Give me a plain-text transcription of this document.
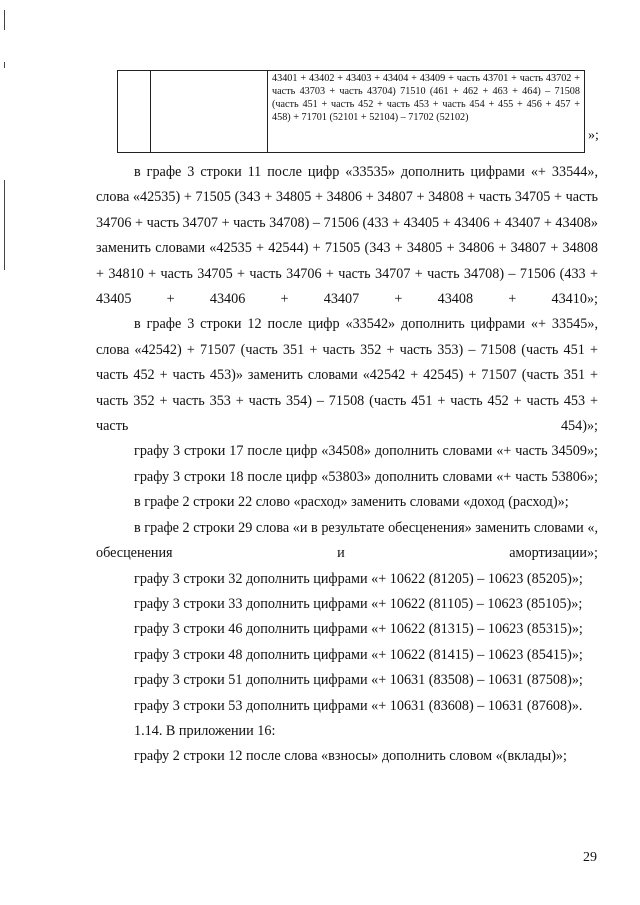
		43401 + 43402 + 43403 + 43404 + 43409 + часть 43701 + часть 43702 + часть 43703 + часть 43704) 71510 (461 + 462 + 463 + 464) – 71508 (часть 451 + часть 452 + часть 453 + часть 454 + 455 + 456 + 457 + 458) + 71701 (52101 + 52104) – 71702 (52102)
»;

в графе 3 строки 11 после цифр «33535» дополнить цифрами «+ 33544», слова «42535) + 71505 (343 + 34805 + 34806 + 34807 + 34808 + часть 34705 + часть 34706 + часть 34707 + часть 34708) – 71506 (433 + 43405 + 43406 + 43407 + 43408» заменить словами «42535 + 42544) + 71505 (343 + 34805 + 34806 + 34807 + 34808 + 34810 + часть 34705 + часть 34706 + часть 34707 + часть 34708) – 71506 (433 + 43405 + 43406 + 43407 + 43408 + 43410»;

в графе 3 строки 12 после цифр «33542» дополнить цифрами «+ 33545», слова «42542) + 71507 (часть 351 + часть 352 + часть 353) – 71508 (часть 451 + часть 452 + часть 453)» заменить словами «42542 + 42545) + 71507 (часть 351 + часть 352 + часть 353 + часть 354) – 71508 (часть 451 + часть 452 + часть 453 + часть 454)»;

графу 3 строки 17 после цифр «34508» дополнить словами «+ часть 34509»;

графу 3 строки 18 после цифр «53803» дополнить словами «+ часть 53806»;

в графе 2 строки 22 слово «расход» заменить словами «доход (расход)»;

в графе 2 строки 29 слова «и в результате обесценения» заменить словами «, обесценения и амортизации»;

графу 3 строки 32 дополнить цифрами «+ 10622 (81205) – 10623 (85205)»;

графу 3 строки 33 дополнить цифрами «+ 10622 (81105) – 10623 (85105)»;

графу 3 строки 46 дополнить цифрами «+ 10622 (81315) – 10623 (85315)»;

графу 3 строки 48 дополнить цифрами «+ 10622 (81415) – 10623 (85415)»;

графу 3 строки 51 дополнить цифрами «+ 10631 (83508) – 10631 (87508)»;

графу 3 строки 53 дополнить цифрами «+ 10631 (83608) – 10631 (87608)».

1.14. В приложении 16:

графу 2 строки 12 после слова «взносы» дополнить словом «(вклады)»;

29
